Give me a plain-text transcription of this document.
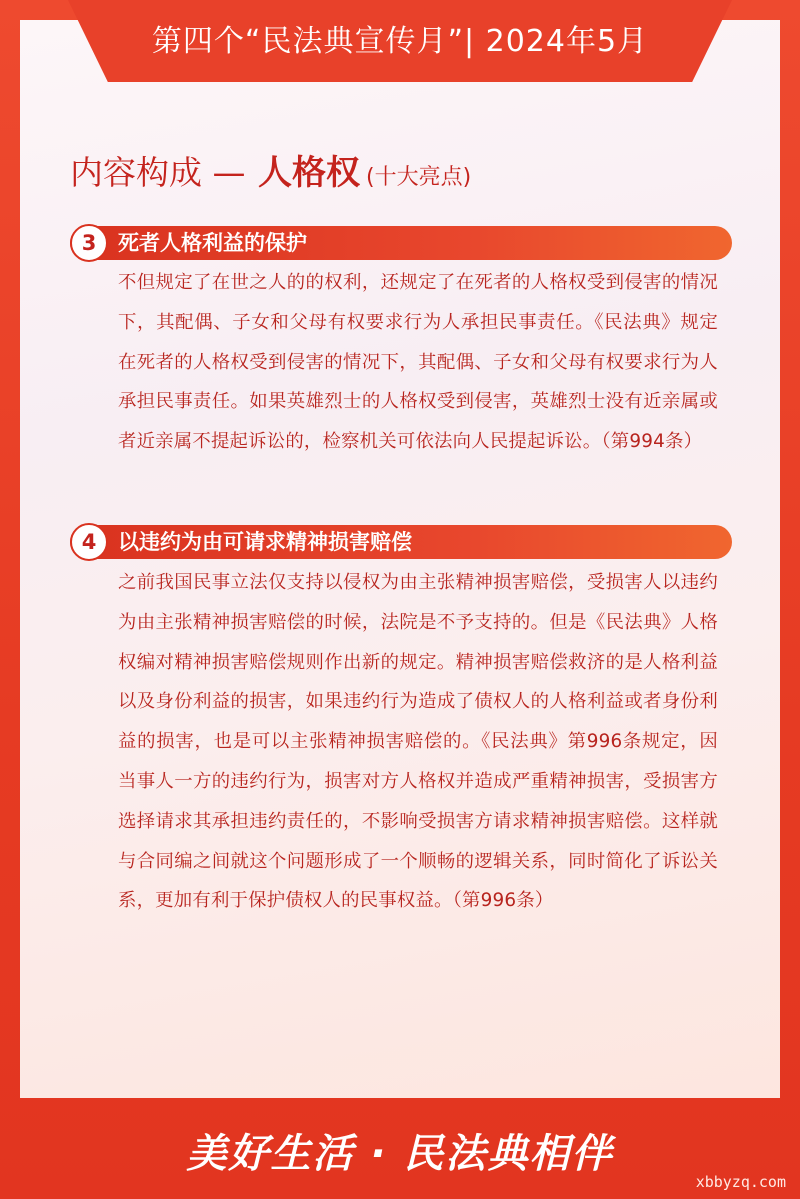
第四个“民法典宣传月”| 2024年5月
内容构成 — 人格权 (十大亮点)
3	死者人格利益的保护

不但规定了在世之人的的权利，还规定了在死者的人格权受到侵害的情况下，其配偶、子女和父母有权要求行为人承担民事责任。《民法典》规定在死者的人格权受到侵害的情况下，其配偶、子女和父母有权要求行为人承担民事责任。如果英雄烈士的人格权受到侵害，英雄烈士没有近亲属或者近亲属不提起诉讼的，检察机关可依法向人民提起诉讼。（第994条）

4	以违约为由可请求精神损害赔偿

之前我国民事立法仅支持以侵权为由主张精神损害赔偿，受损害人以违约为由主张精神损害赔偿的时候，法院是不予支持的。但是《民法典》人格权编对精神损害赔偿规则作出新的规定。精神损害赔偿救济的是人格利益以及身份利益的损害，如果违约行为造成了债权人的人格利益或者身份利益的损害，也是可以主张精神损害赔偿的。《民法典》第996条规定，因当事人一方的违约行为，损害对方人格权并造成严重精神损害，受损害方选择请求其承担违约责任的，不影响受损害方请求精神损害赔偿。这样就与合同编之间就这个问题形成了一个顺畅的逻辑关系，同时简化了诉讼关系，更加有利于保护债权人的民事权益。（第996条）

美好生活 · 民法典相伴
xbbyzq.com
